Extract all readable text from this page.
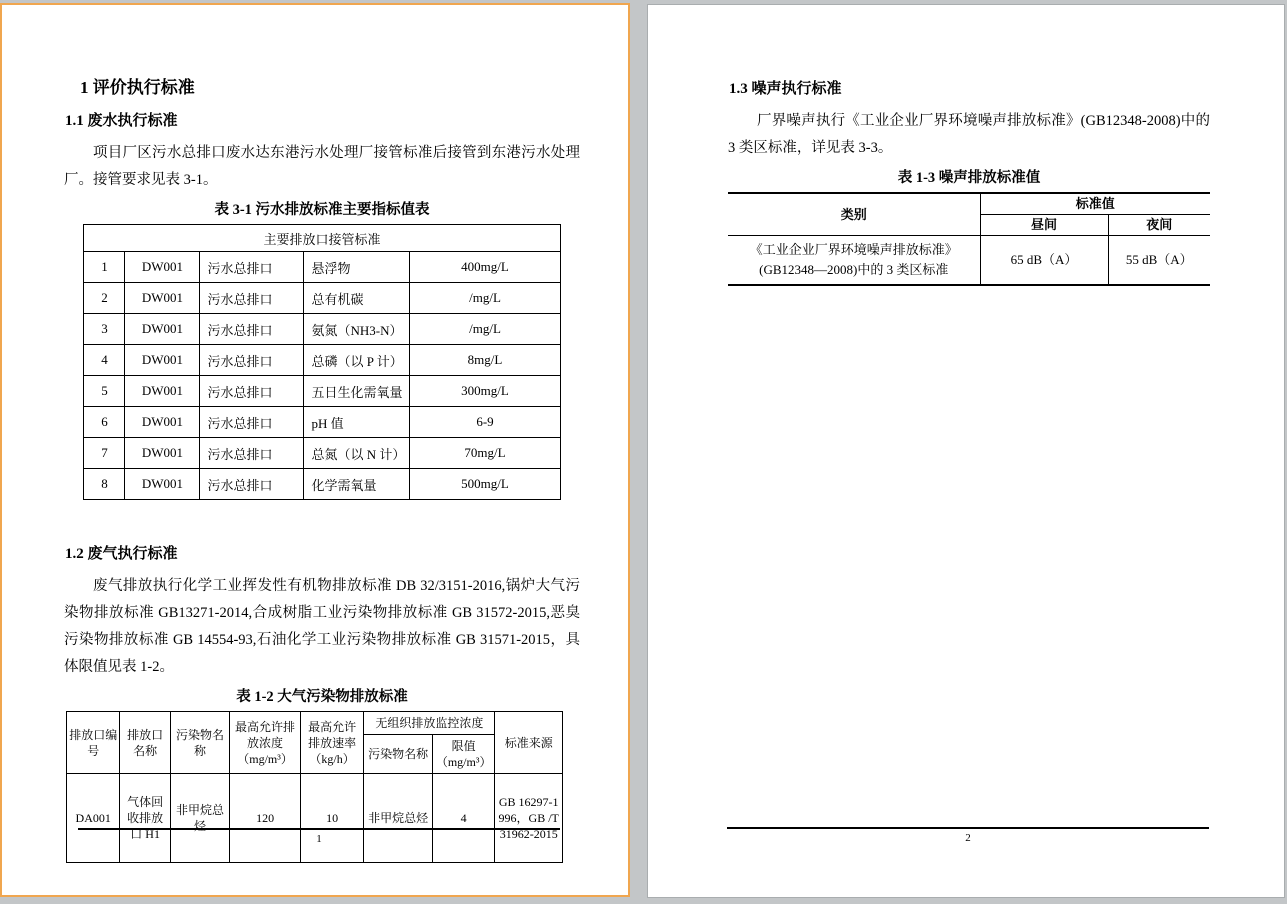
1 评价执行标准
1.1 废水执行标准

项目厂区污水总排口废水达东港污水处理厂接管标准后接管到东港污水处理厂。接管要求见表 3-1。

表 3-1 污水排放标准主要指标值表
主要排放口接管标准				
1	DW001	污水总排口	悬浮物	400mg/L
2	DW001	污水总排口	总有机碳	/mg/L
3	DW001	污水总排口	氨氮（NH3-N）	/mg/L
4	DW001	污水总排口	总磷（以 P 计）	8mg/L
5	DW001	污水总排口	五日生化需氧量	300mg/L
6	DW001	污水总排口	pH 值	6-9
7	DW001	污水总排口	总氮（以 N 计）	70mg/L
8	DW001	污水总排口	化学需氧量	500mg/L
1.2 废气执行标准

废气排放执行化学工业挥发性有机物排放标准 DB 32/3151-2016,锅炉大气污染物排放标准 GB13271-2014,合成树脂工业污染物排放标准 GB 31572-2015,恶臭污染物排放标准 GB 14554-93,石油化学工业污染物排放标准 GB 31571-2015，具体限值见表 1-2。

表 1-2 大气污染物排放标准
排放口编号	排放口名称	污染物名称	最高允许排放浓度（mg/m³）	最高允许排放速率（kg/h）	无组织排放监控浓度		标准来源
					污染物名称	限值（mg/m³）	
DA001	气体回收排放口 H1	非甲烷总烃	120	10	非甲烷总烃	4	GB 16297-1996，GB /T31962-2015
1
1.3 噪声执行标准

厂界噪声执行《工业企业厂界环境噪声排放标准》(GB12348-2008)中的 3 类区标准，详见表 3-3。

表 1-3 噪声排放标准值
类别	标准值	
	昼间	夜间
《工业企业厂界环境噪声排放标准》(GB12348—2008)中的 3 类区标准	65 dB（A）	55 dB（A）
2
